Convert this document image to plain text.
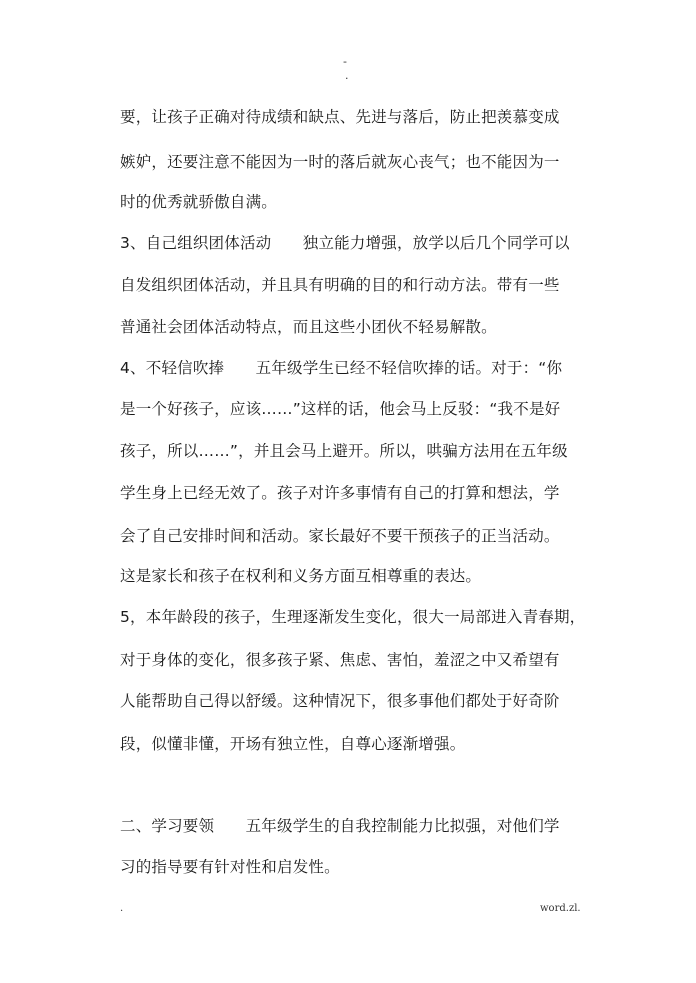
-
.
要，让孩子正确对待成绩和缺点、先进与落后，防止把羡慕变成
嫉妒，还要注意不能因为一时的落后就灰心丧气；也不能因为一
时的优秀就骄傲自满。
3、自己组织团体活动　　独立能力增强，放学以后几个同学可以
自发组织团体活动，并且具有明确的目的和行动方法。带有一些
普通社会团体活动特点，而且这些小团伙不轻易解散。
4、不轻信吹捧　　五年级学生已经不轻信吹捧的话。对于：“你
是一个好孩子，应该……”这样的话，他会马上反驳：“我不是好
孩子，所以……”，并且会马上避开。所以，哄骗方法用在五年级
学生身上已经无效了。孩子对许多事情有自己的打算和想法，学
会了自己安排时间和活动。家长最好不要干预孩子的正当活动。
这是家长和孩子在权利和义务方面互相尊重的表达。
5，本年龄段的孩子，生理逐渐发生变化，很大一局部进入青春期，
对于身体的变化，很多孩子紧、焦虑、害怕，羞涩之中又希望有
人能帮助自己得以舒缓。这种情况下，很多事他们都处于好奇阶
段，似懂非懂，开场有独立性，自尊心逐渐增强。
二、学习要领　　五年级学生的自我控制能力比拟强，对他们学
习的指导要有针对性和启发性。
.	word.zl.
